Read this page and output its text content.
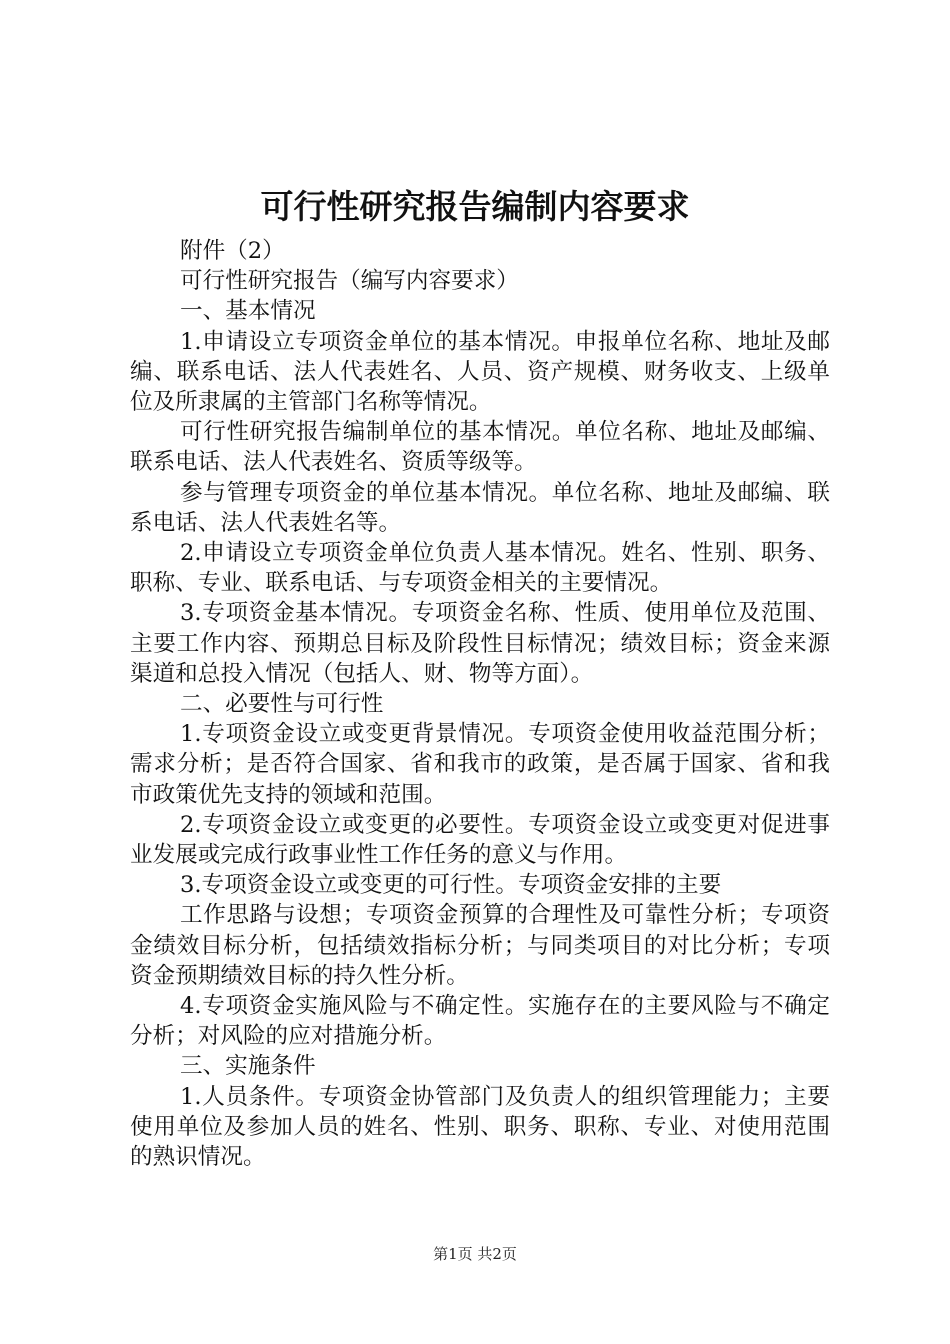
可行性研究报告编制内容要求

附件（2）

可行性研究报告（编写内容要求）

一、基本情况

1.申请设立专项资金单位的基本情况。申报单位名称、地址及邮编、联系电话、法人代表姓名、人员、资产规模、财务收支、上级单位及所隶属的主管部门名称等情况。

可行性研究报告编制单位的基本情况。单位名称、地址及邮编、联系电话、法人代表姓名、资质等级等。

参与管理专项资金的单位基本情况。单位名称、地址及邮编、联系电话、法人代表姓名等。

2.申请设立专项资金单位负责人基本情况。姓名、性别、职务、职称、专业、联系电话、与专项资金相关的主要情况。

3.专项资金基本情况。专项资金名称、性质、使用单位及范围、主要工作内容、预期总目标及阶段性目标情况；绩效目标；资金来源渠道和总投入情况（包括人、财、物等方面）。

二、必要性与可行性

1.专项资金设立或变更背景情况。专项资金使用收益范围分析；需求分析；是否符合国家、省和我市的政策，是否属于国家、省和我市政策优先支持的领域和范围。

2.专项资金设立或变更的必要性。专项资金设立或变更对促进事业发展或完成行政事业性工作任务的意义与作用。

3.专项资金设立或变更的可行性。专项资金安排的主要

工作思路与设想；专项资金预算的合理性及可靠性分析；专项资金绩效目标分析，包括绩效指标分析；与同类项目的对比分析；专项资金预期绩效目标的持久性分析。

4.专项资金实施风险与不确定性。实施存在的主要风险与不确定分析；对风险的应对措施分析。

三、实施条件

1.人员条件。专项资金协管部门及负责人的组织管理能力；主要使用单位及参加人员的姓名、性别、职务、职称、专业、对使用范围的熟识情况。

第1页 共2页
